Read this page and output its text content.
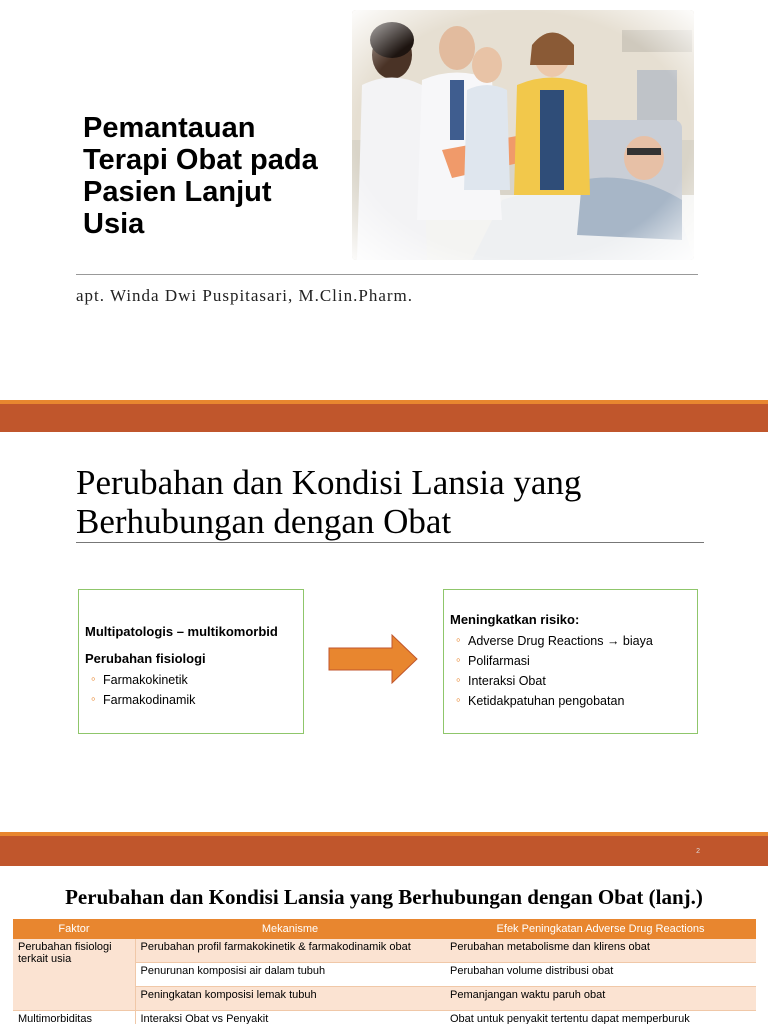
Pemantauan Terapi Obat pada Pasien Lanjut Usia
apt. Winda Dwi Puspitasari, M.Clin.Pharm.
Perubahan dan Kondisi Lansia yang Berhubungan dengan Obat
Multipatologis – multikomorbid
Perubahan fisiologi
◦ Farmakokinetik
◦ Farmakodinamik
Meningkatkan risiko:
◦ Adverse Drug Reactions → biaya
◦ Polifarmasi
◦ Interaksi Obat
◦ Ketidakpatuhan pengobatan
2
Perubahan dan Kondisi Lansia yang Berhubungan dengan Obat (lanj.)
Faktor	Mekanisme	Efek Peningkatan Adverse Drug Reactions
Perubahan fisiologi terkait usia	Perubahan profil farmakokinetik & farmakodinamik obat	Perubahan metabolisme dan klirens obat
	Penurunan komposisi air dalam tubuh	Perubahan volume distribusi obat
	Peningkatan komposisi lemak tubuh	Pemanjangan waktu paruh obat
Multimorbiditas	Interaksi Obat vs Penyakit	Obat untuk penyakit tertentu dapat memperburuk
